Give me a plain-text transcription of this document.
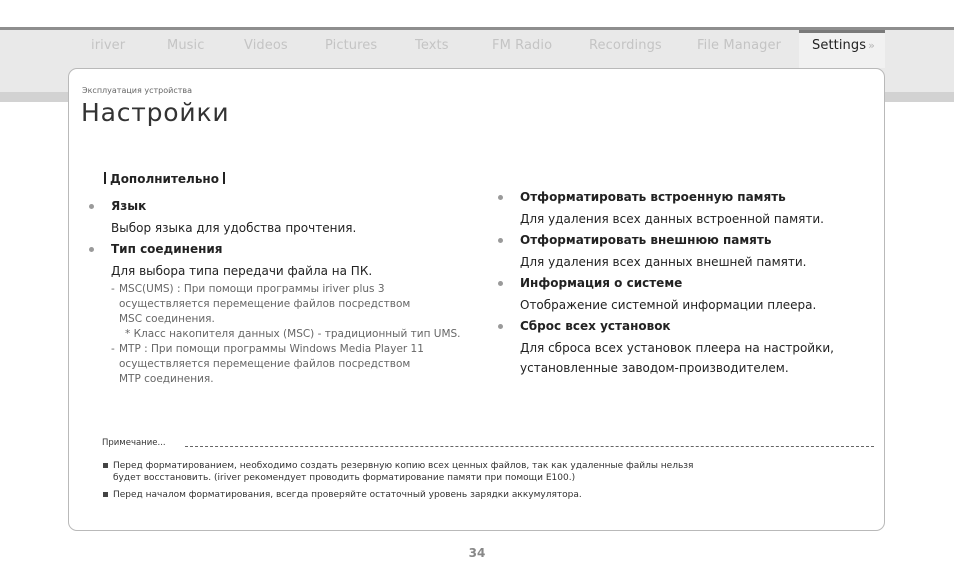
iriver	Music	Videos	Pictures	Texts	FM Radio	Recordings	File Manager Settings »
Эксплуатация устройства
Настройки
Дополнительно
Язык
Выбор языка для удобства прочтения.
Тип соединения
Для выбора типа передачи файла на ПК.
- MSC(UMS) : При помощи программы iriver plus 3
осуществляется перемещение файлов посредством
MSC соединения.
* Класс накопителя данных (MSC) - традиционный тип UMS.
- MTP : При помощи программы Windows Media Player 11
осуществляется перемещение файлов посредством
MTP соединения.
Отформатировать встроенную память
Для удаления всех данных встроенной памяти.
Отформатировать внешнюю память
Для удаления всех данных внешней памяти.
Информация о системе
Отображение системной информации плеера.
Сброс всех установок
Для сброса всех установок плеера на настройки,
установленные заводом-производителем.
Примечание...
Перед форматированием, необходимо создать резервную копию всех ценных файлов, так как удаленные файлы нельзя
будет восстановить. (iriver рекомендует проводить форматирование памяти при помощи E100.)
Перед началом форматирования, всегда проверяйте остаточный уровень зарядки аккумулятора.
34
